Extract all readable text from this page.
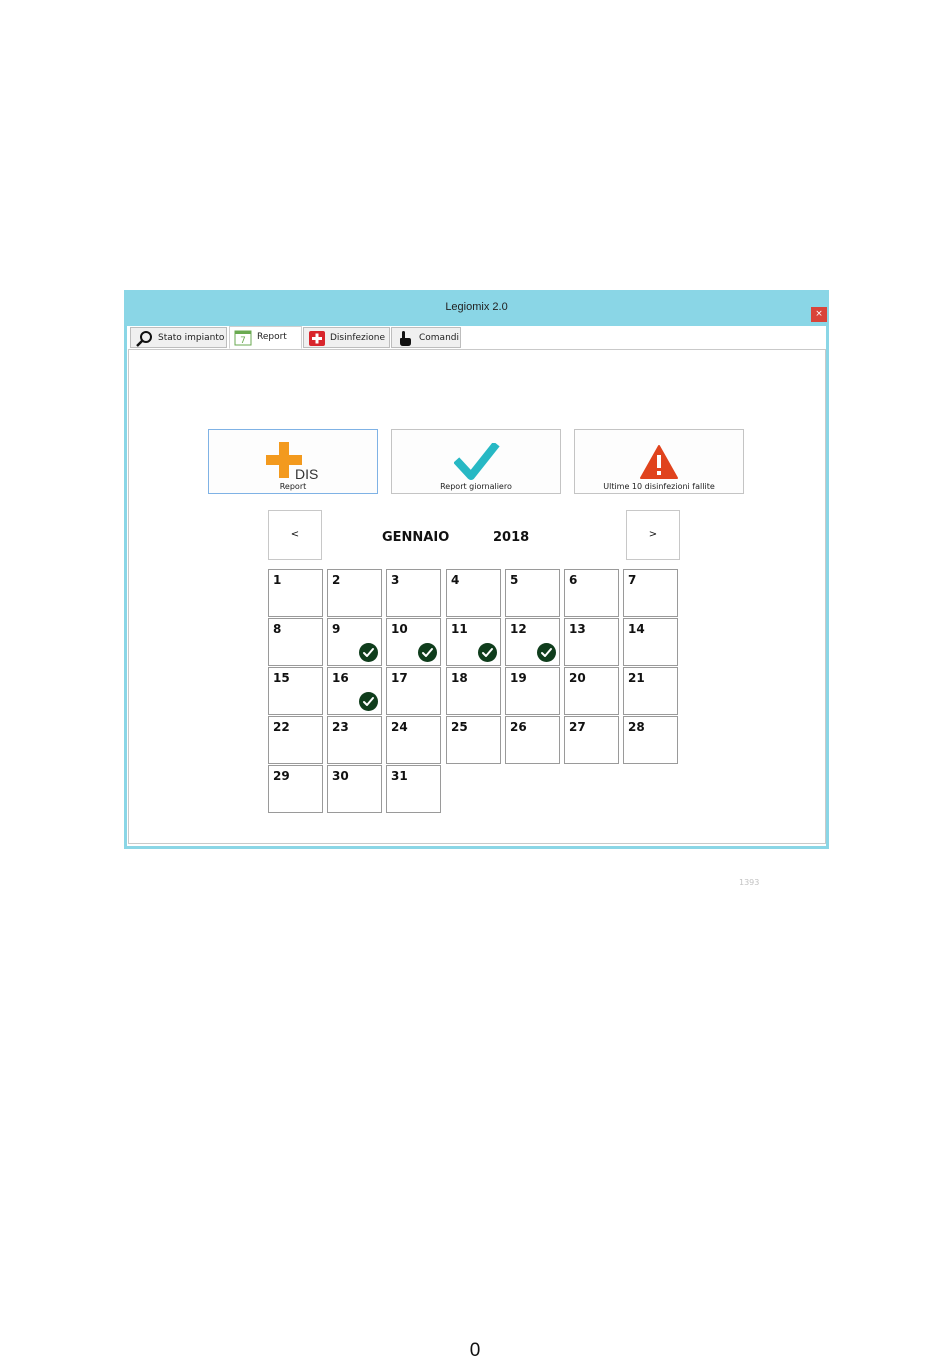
Legiomix 2.0
×
Stato impianto 7 Report	Disinfezione	Comandi
DIS
Report	Report giornaliero	Ultime 10 disinfezioni fallite
<	GENNAIO	2018	>
1	2	3	4	5	6	7
8	9	10	11	12	13	14
15	16	17	18	19	20	21
22	23	24	25	26	27	28
29	30	31
1393
0
